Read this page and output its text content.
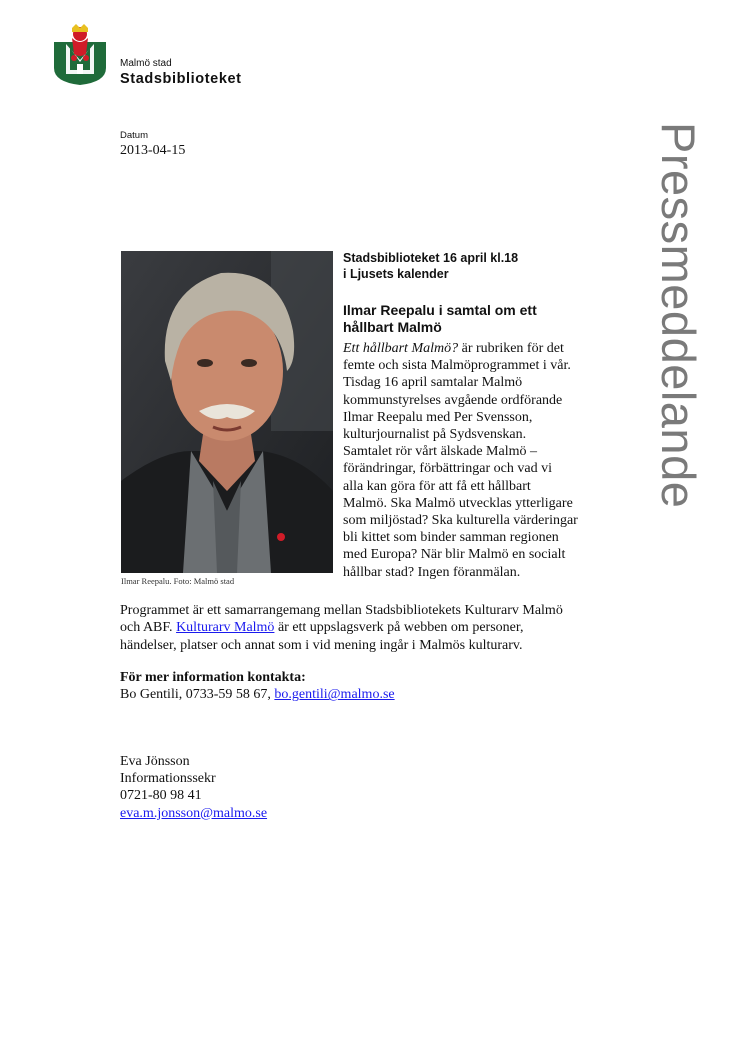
Malmö stad
Stadsbiblioteket
Datum
2013-04-15	Pressmeddelande
Ilmar Reepalu. Foto: Malmö stad
Stadsbiblioteket 16 april kl.18
i Ljusets kalender
Ilmar Reepalu i samtal om ett
hållbart Malmö
Ett hållbart Malmö? är rubriken för det
femte och sista Malmöprogrammet i vår.
Tisdag 16 april samtalar Malmö
kommunstyrelses avgående ordförande
Ilmar Reepalu med Per Svensson,
kulturjournalist på Sydsvenskan.
Samtalet rör vårt älskade Malmö –
förändringar, förbättringar och vad vi
alla kan göra för att få ett hållbart
Malmö. Ska Malmö utvecklas ytterligare
som miljöstad? Ska kulturella värderingar
bli kittet som binder samman regionen
med Europa? När blir Malmö en socialt
hållbar stad? Ingen föranmälan.
Programmet är ett samarrangemang mellan Stadsbibliotekets Kulturarv Malmö
och ABF. Kulturarv Malmö är ett uppslagsverk på webben om personer,
händelser, platser och annat som i vid mening ingår i Malmös kulturarv.
För mer information kontakta:
Bo Gentili, 0733-59 58 67, bo.gentili@malmo.se
Eva Jönsson
Informationssekr
0721-80 98 41
eva.m.jonsson@malmo.se
